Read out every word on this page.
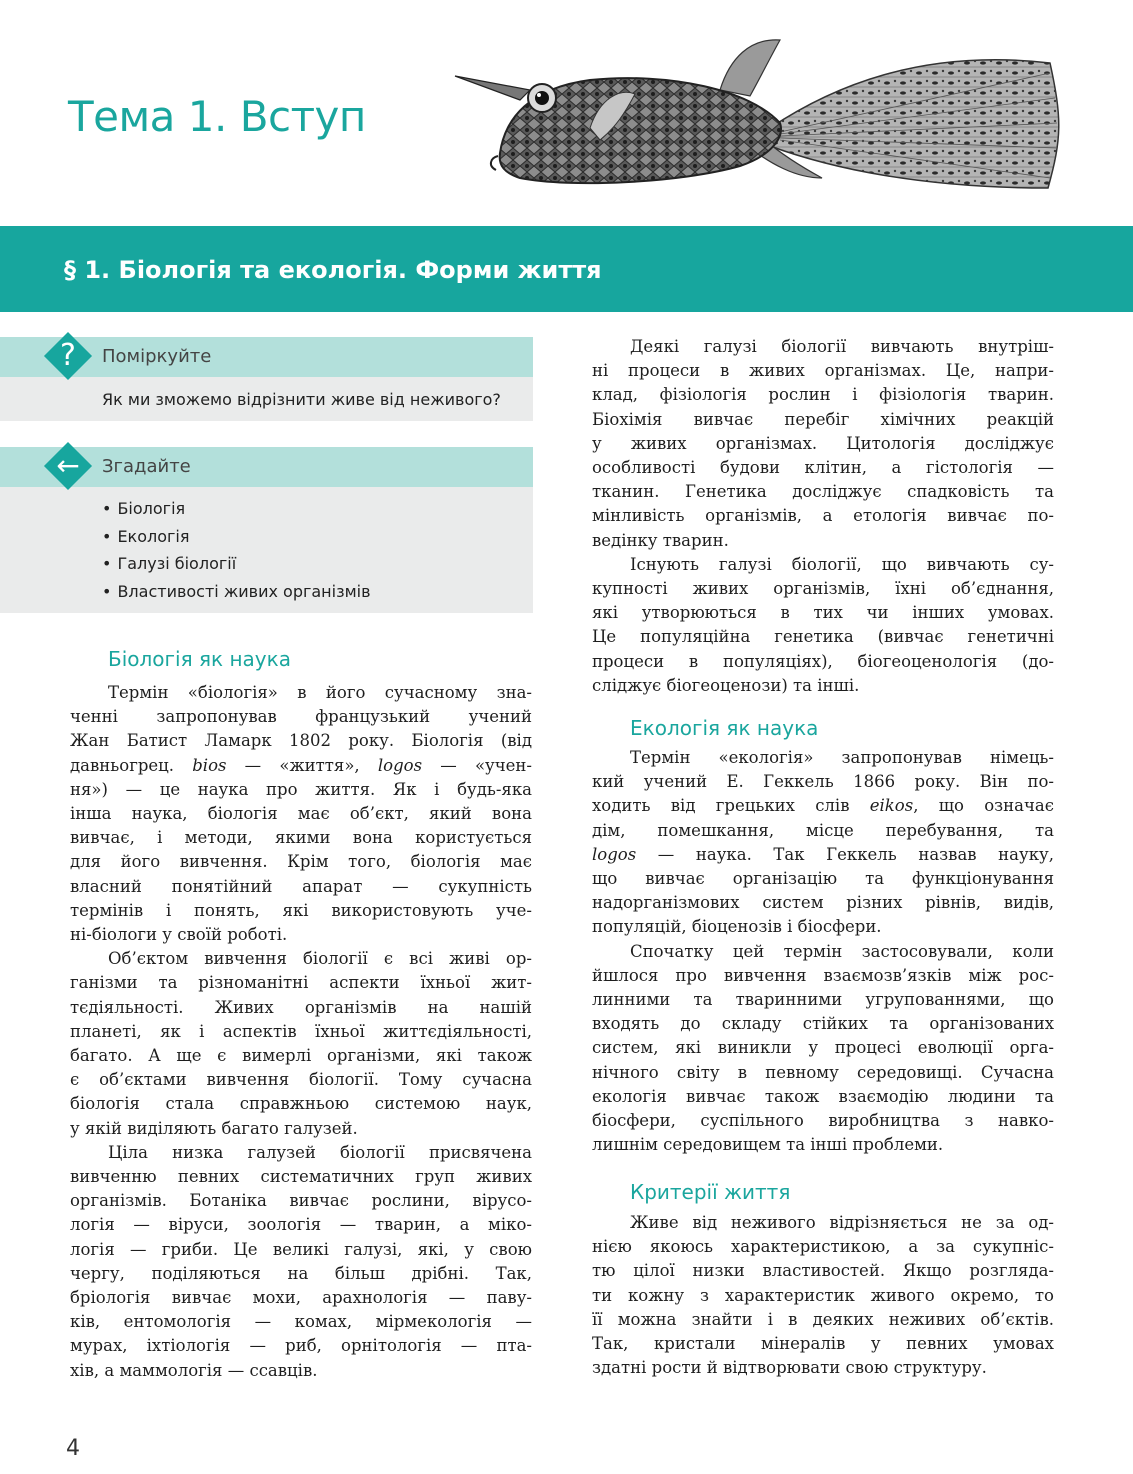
Тема 1. Вступ
§ 1. Біологія та екологія. Форми життя
?	Поміркуйте
Як ми зможемо відрізнити живе від неживого?
←	Згадайте
• Біологія
• Екологія
• Галузі біології
• Властивості живих організмів
Біологія як наука
Екологія як наука
Критерії життя

Термін «біологія» в його сучасному зна-

ченні запропонував французький учений

Жан Батист Ламарк 1802 року. Біологія (від

давньогрец. bios — «життя», logos — «учен-

ня») — це наука про життя. Як і будь-яка

інша наука, біологія має об’єкт, який вона

вивчає, і методи, якими вона користується

для його вивчення. Крім того, біологія має

власний понятійний апарат — сукупність

термінів і понять, які використовують уче-

ні-біологи у своїй роботі.

Об’єктом вивчення біології є всі живі ор-

ганізми та різноманітні аспекти їхньої жит-

тєдіяльності. Живих організмів на нашій

планеті, як і аспектів їхньої життєдіяльності,

багато. А ще є вимерлі організми, які також

є об’єктами вивчення біології. Тому сучасна

біологія стала справжньою системою наук,

у якій виділяють багато галузей.

Ціла низка галузей біології присвячена

вивченню певних систематичних груп живих

організмів. Ботаніка вивчає рослини, вірусо-

логія — віруси, зоологія — тварин, а міко-

логія — гриби. Це великі галузі, які, у свою

чергу, поділяються на більш дрібні. Так,

бріологія вивчає мохи, арахнологія — паву-

ків, ентомологія — комах, мірмекологія —

мурах, іхтіологія — риб, орнітологія — пта-

хів, а маммологія — ссавців.

Деякі галузі біології вивчають внутріш-

ні процеси в живих організмах. Це, напри-

клад, фізіологія рослин і фізіологія тварин.

Біохімія вивчає перебіг хімічних реакцій

у живих організмах. Цитологія досліджує

особливості будови клітин, а гістологія —

тканин. Генетика досліджує спадковість та

мінливість організмів, а етологія вивчає по-

ведінку тварин.

Існують галузі біології, що вивчають су-

купності живих організмів, їхні об’єднання,

які утворюються в тих чи інших умовах.

Це популяційна генетика (вивчає генетичні

процеси в популяціях), біогеоценологія (до-

сліджує біогеоценози) та інші.

Термін «екологія» запропонував німець-

кий учений Е. Геккель 1866 року. Він по-

ходить від грецьких слів eikos, що означає

дім, помешкання, місце перебування, та

logos — наука. Так Геккель назвав науку,

що вивчає організацію та функціонування

надорганізмових систем різних рівнів, видів,

популяцій, біоценозів і біосфери.

Спочатку цей термін застосовували, коли

йшлося про вивчення взаємозв’язків між рос-

линними та тваринними угрупованнями, що

входять до складу стійких та організованих

систем, які виникли у процесі еволюції орга-

нічного світу в певному середовищі. Сучасна

екологія вивчає також взаємодію людини та

біосфери, суспільного виробництва з навко-

лишнім середовищем та інші проблеми.

Живе від неживого відрізняється не за од-

нією якоюсь характеристикою, а за сукупніс-

тю цілої низки властивостей. Якщо розгляда-

ти кожну з характеристик живого окремо, то

її можна знайти і в деяких неживих об’єктів.

Так, кристали мінералів у певних умовах

здатні рости й відтворювати свою структуру.

4
